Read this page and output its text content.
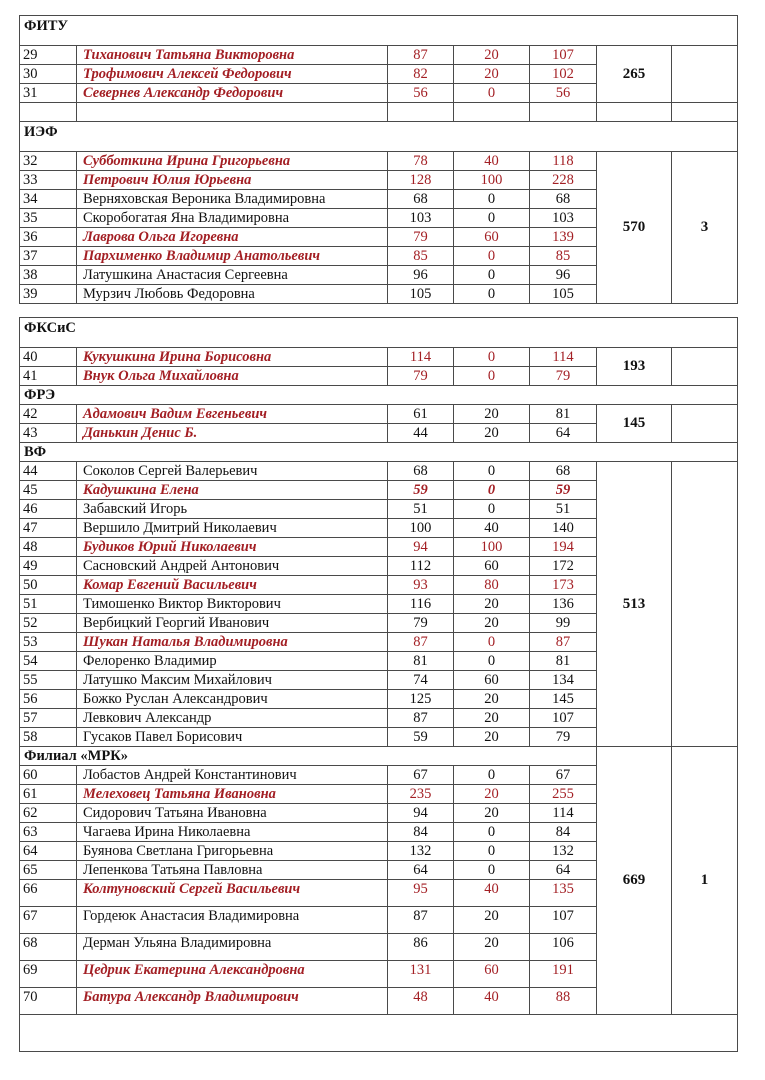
ФИТУ						
29	Тиханович Татьяна Викторовна	87	20	107	265	
30	Трофимович Алексей Федорович	82	20	102		
31	Севернев Александр Федорович	56	0	56		

ИЭФ						
32	Субботкина Ирина Григорьевна	78	40	118	570	3
33	Петрович Юлия Юрьевна	128	100	228		
34	Верняховская Вероника Владимировна	68	0	68		
35	Скоробогатая Яна Владимировна	103	0	103		
36	Лаврова Ольга Игоревна	79	60	139		
37	Пархименко Владимир Анатольевич	85	0	85		
38	Латушкина Анастасия Сергеевна	96	0	96		
39	Мурзич Любовь Федоровна	105	0	105		
ФКСиС						
40	Кукушкина Ирина Борисовна	114	0	114	193	
41	Внук Ольга Михайловна	79	0	79		
ФРЭ						
42	Адамович Вадим Евгеньевич	61	20	81	145	
43	Данькин Денис Б.	44	20	64		
ВФ						
44	Соколов Сергей Валерьевич	68	0	68	513	
45	Кадушкина Елена	59	0	59		
46	Забавский Игорь	51	0	51		
47	Вершило Дмитрий Николаевич	100	40	140		
48	Будиков Юрий Николаевич	94	100	194		
49	Сасновский Андрей Антонович	112	60	172		
50	Комар Евгений Васильевич	93	80	173		
51	Тимошенко Виктор Викторович	116	20	136		
52	Вербицкий Георгий Иванович	79	20	99		
53	Шукан Наталья Владимировна	87	0	87		
54	Фелоренко Владимир	81	0	81		
55	Латушко Максим Михайлович	74	60	134		
56	Божко Руслан Александрович	125	20	145		
57	Левкович Александр	87	20	107		
58	Гусаков Павел Борисович	59	20	79		
Филиал «МРК»					669	1
60	Лобастов Андрей Константинович	67	0	67		
61	Мелеховец Татьяна Ивановна	235	20	255		
62	Сидорович Татьяна Ивановна	94	20	114		
63	Чагаева Ирина Николаевна	84	0	84		
64	Буянова Светлана Григорьевна	132	0	132		
65	Лепенкова Татьяна Павловна	64	0	64		
66	Колтуновский Сергей Васильевич	95	40	135		
67	Гордеюк Анастасия Владимировна	87	20	107		
68	Дерман Ульяна Владимировна	86	20	106		
69	Цедрик Екатерина Александровна	131	60	191		
70	Батура Александр Владимирович	48	40	88		
